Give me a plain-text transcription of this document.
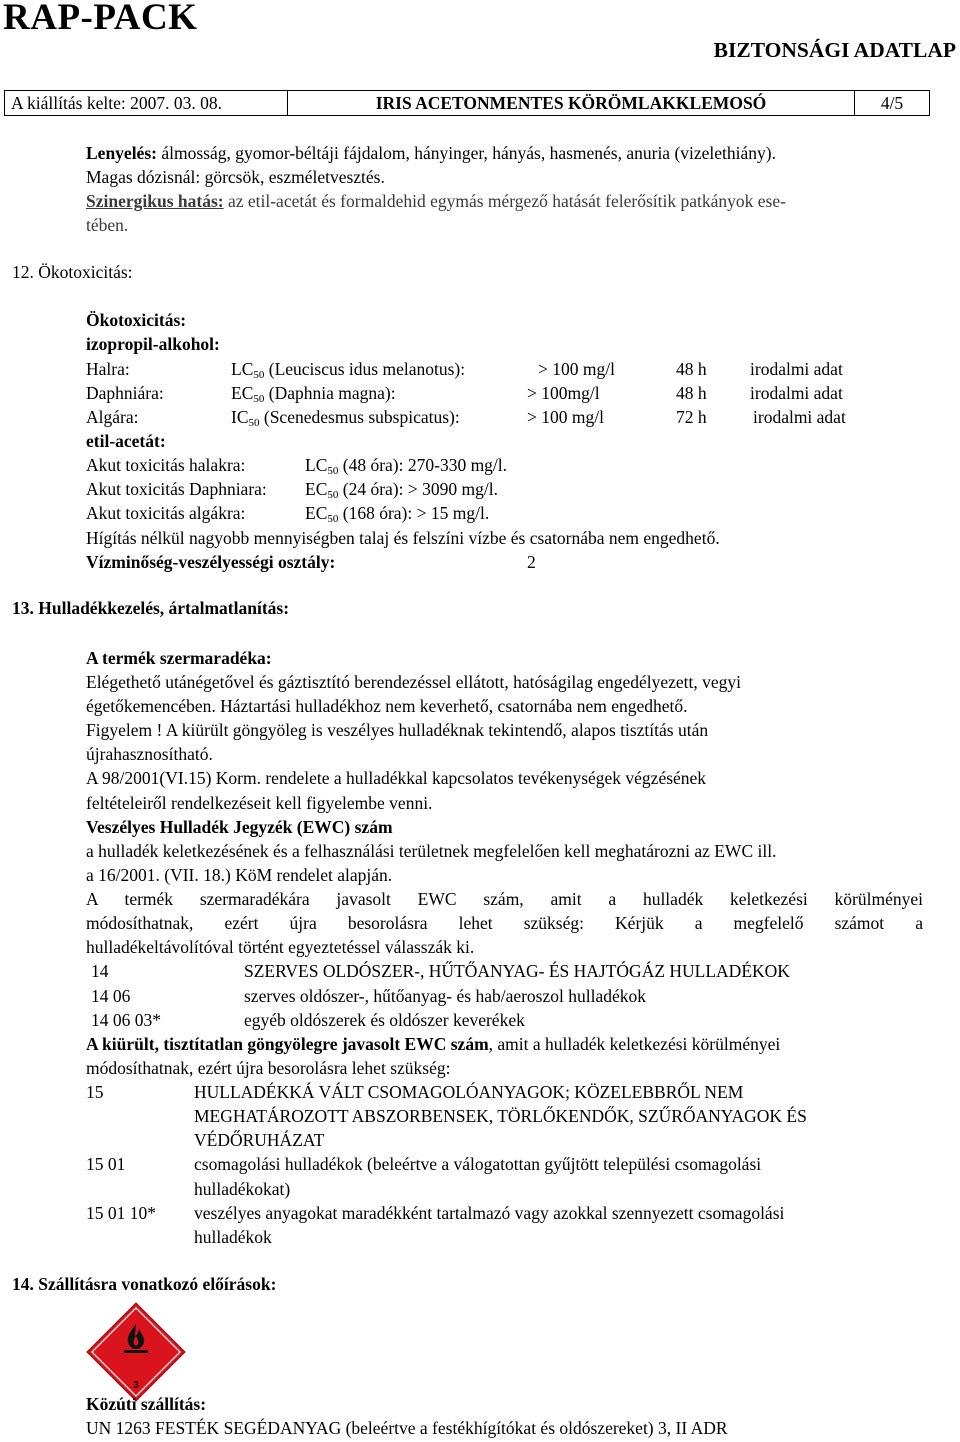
RAP-PACK
BIZTONSÁGI ADATLAP
A kiállítás kelte: 2007. 03. 08.	IRIS ACETONMENTES KÖRÖMLAKKLEMOSÓ	4/5
Lenyelés: álmosság, gyomor-béltáji fájdalom, hányinger, hányás, hasmenés, anuria (vizelethiány).
Magas dózisnál: görcsök, eszméletvesztés.
Szinergikus hatás: az etil-acetát és formaldehid egymás mérgező hatását felerősítik patkányok ese-
tében.
12. Ökotoxicitás:
Ökotoxicitás:
izopropil-alkohol:
Halra:	$LC_{50}$ (Leuciscus idus melanotus):	> 100 mg/l	48 h irodalmi adat
Daphniára:	$EC_{50}$ (Daphnia magna):	> 100mg/l	48 h irodalmi adat
Algára:	$IC_{50}$ (Scenedesmus subspicatus):	> 100 mg/l	72 h	irodalmi adat
etil-acetát:
Akut toxicitás halakra:	$LC_{50}$ (48 óra): 270-330 mg/l.
Akut toxicitás Daphniara: $EC_{50}$ (24 óra): > 3090 mg/l.
Akut toxicitás algákra:	$EC_{50}$ (168 óra): > 15 mg/l.
Hígítás nélkül nagyobb mennyiségben talaj és felszíni vízbe és csatornába nem engedhető.
Vízminőség-veszélyességi osztály:	2
13. Hulladékkezelés, ártalmatlanítás:
A termék szermaradéka:
Elégethető utánégetővel és gáztisztító berendezéssel ellátott, hatóságilag engedélyezett, vegyi
égetőkemencében. Háztartási hulladékhoz nem keverhető, csatornába nem engedhető.
Figyelem ! A kiürült göngyöleg is veszélyes hulladéknak tekintendő, alapos tisztítás után
újrahasznosítható.
A 98/2001(VI.15) Korm. rendelete a hulladékkal kapcsolatos tevékenységek végzésének
feltételeiről rendelkezéseit kell figyelembe venni.
Veszélyes Hulladék Jegyzék (EWC) szám
a hulladék keletkezésének és a felhasználási területnek megfelelően kell meghatározni az EWC ill.
a 16/2001. (VII. 18.) KöM rendelet alapján.
A termék szermaradékára javasolt EWC szám, amit a hulladék keletkezési körülményei
módosíthatnak, ezért újra besorolásra lehet szükség: Kérjük a megfelelő számot a
hulladékeltávolítóval történt egyeztetéssel válasszák ki.
14	SZERVES OLDÓSZER-, HŰTŐANYAG- ÉS HAJTÓGÁZ HULLADÉKOK
14 06	szerves oldószer-, hűtőanyag- és hab/aeroszol hulladékok
14 06 03*	egyéb oldószerek és oldószer keverékek
A kiürült, tisztítatlan göngyölegre javasolt EWC szám, amit a hulladék keletkezési körülményei
módosíthatnak, ezért újra besorolásra lehet szükség:
15	HULLADÉKKÁ VÁLT CSOMAGOLÓANYAGOK; KÖZELEBBRŐL NEM
MEGHATÁROZOTT ABSZORBENSEK, TÖRLŐKENDŐK, SZŰRŐANYAGOK ÉS
VÉDŐRUHÁZAT
15 01	csomagolási hulladékok (beleértve a válogatottan gyűjtött települési csomagolási
hulladékokat)
15 01 10* veszélyes anyagokat maradékként tartalmazó vagy azokkal szennyezett csomagolási
hulladékok
14. Szállításra vonatkozó előírások:
3
Közúti szállítás:
UN 1263 FESTÉK SEGÉDANYAG (beleértve a festékhígítókat és oldószereket) 3, II ADR
